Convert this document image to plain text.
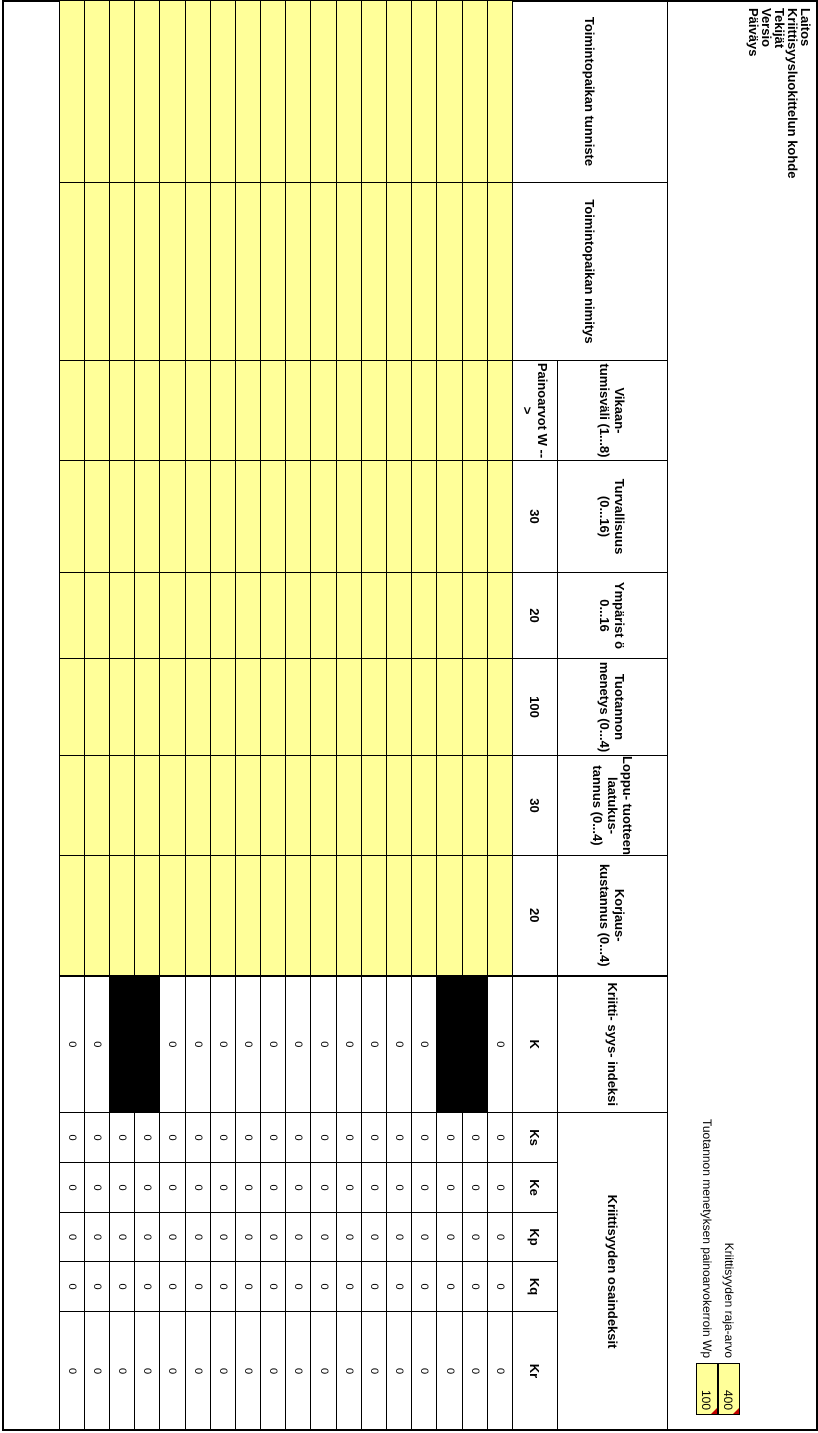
Laitos
Kriittisyysluokittelun kohde
Tekijät
Versio
Päiväys
Kriittisyyden raja-arvo
400
Tuotannon menetyksen painoarvokerroin Wp
100
Toimintopaikan tunniste	Toimintopaikan nimitys	Vikaan- tumisväli (1...8)	Turvallisuus (0...16)	Ympärist ö 0...16	Tuotannon menetys (0...4)	Loppu- tuotteen laatukus- tannus (0...4)	Korjaus- kustannus (0...4)	Kriitti- syys- indeksi	Kriittisyyden osaindeksit				
		Painoarvot W -->	30	20	100	30	20	K	Ks	Ke	Kp	Kq	Kr
								0	0	0	0	0	0
									0	0	0	0	0
									0	0	0	0	0
								0	0	0	0	0	0
								0	0	0	0	0	0
								0	0	0	0	0	0
								0	0	0	0	0	0
								0	0	0	0	0	0
								0	0	0	0	0	0
								0	0	0	0	0	0
								0	0	0	0	0	0
								0	0	0	0	0	0
								0	0	0	0	0	0
								0	0	0	0	0	0
									0	0	0	0	0
									0	0	0	0	0
								0	0	0	0	0	0
								0	0	0	0	0	0
